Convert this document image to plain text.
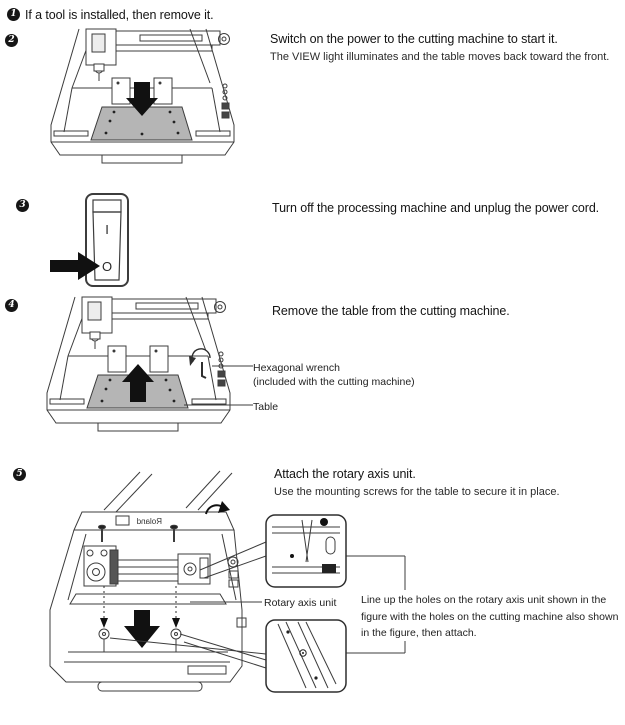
1 If a tool is installed, then remove it.
2	Switch on the power to the cutting machine to start it.
The VIEW light illuminates and the table moves back toward the front.
3	Turn off the processing machine and unplug the power cord.
I
O
4	Remove the table from the cutting machine.
Hexagonal wrench
(included with the cutting machine)
Table
5	Attach the rotary axis unit.
Use the mounting screws for the table to secure it in place.
Rotary axis unit Line up the holes on the rotary axis unit shown in the figure with the holes on the cutting machine also shown in the figure, then attach.
Roland
